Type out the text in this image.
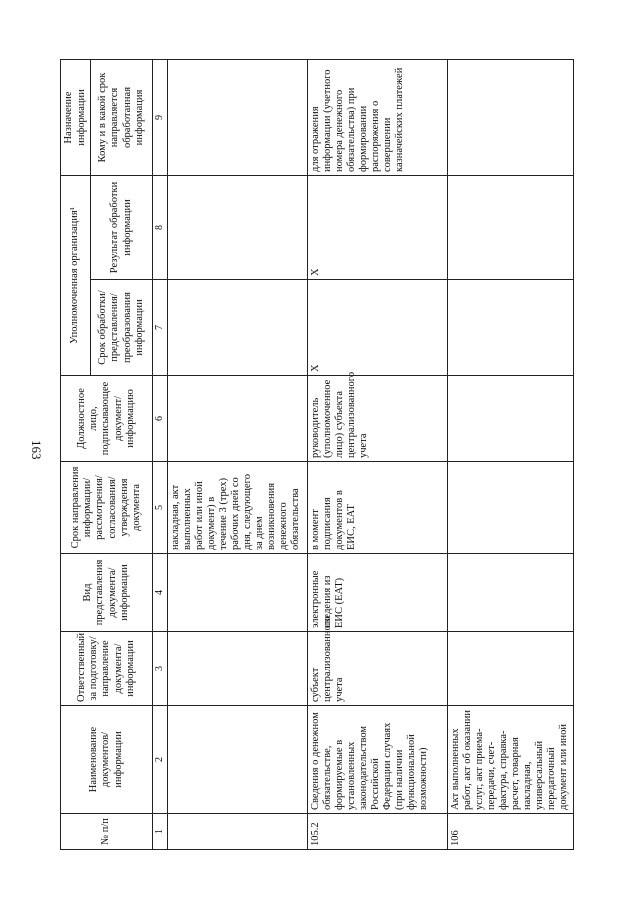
163
№ п/п	Наименование документов/ информации	Ответственный за подготовку/ направление документа/ информации	Вид представления документа/ информации	Срок направления информации/ рассмотрения/ согласования/ утверждения документа	Должностное лицо, подписывающее документ/ информацию	Уполномоченная организация¹		Назначение информации
						Срок обработки/ представления/ преобразования информации	Результат обработки информации	Кому и в какой срок направляется обработанная информация
1	2	3	4	5	6	7	8	9
				накладная, акт выполненных работ или иной документ) в течение 3 (трех) рабочих дней со дня, следующего за днем возникновения денежного обязательства				
105.2	Сведения о денежном обязательстве, формируемые в установленных законодательством Российской Федерации случаях (при наличии функциональной возможности)	субъект централизованного учета	электронные сведения из ЕИС (ЕАТ)	в момент подписания документов в ЕИС, ЕАТ	руководитель (уполномоченное лицо) субъекта централизованного учета	X	X	для отражения информации (учетного номера денежного обязательства) при формировании распоряжения о совершении казначейских платежей
106	Акт выполненных работ, акт об оказании услуг, акт приема-передачи, счет-фактура, справка-расчет, товарная накладная, универсальный передаточный документ или иной							
